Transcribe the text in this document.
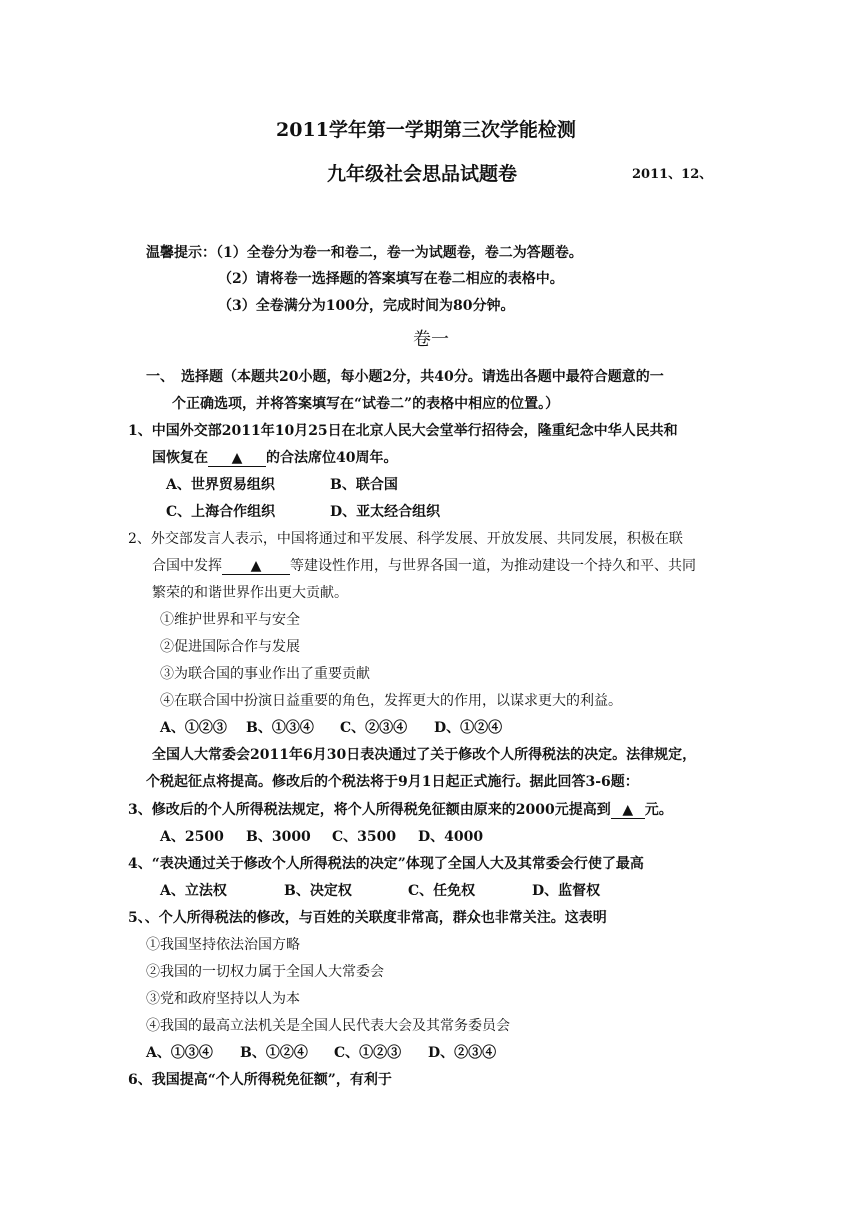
2011学年第一学期第三次学能检测
九年级社会思品试题卷	2011、12、
温馨提示：（1）全卷分为卷一和卷二，卷一为试题卷，卷二为答题卷。
（2）请将卷一选择题的答案填写在卷二相应的表格中。
（3）全卷满分为100分，完成时间为80分钟。
卷一
一、　选择题（本题共20小题，每小题2分，共40分。请选出各题中最符合题意的一
个正确选项，并将答案填写在“试卷二”的表格中相应的位置。）
1、中国外交部2011年10月25日在北京人民大会堂举行招待会，隆重纪念中华人民共和
国恢复在 ▲ 的合法席位40周年。
A、世界贸易组织	B、联合国
C、上海合作组织	D、亚太经合组织
2、外交部发言人表示，中国将通过和平发展、科学发展、开放发展、共同发展，积极在联
合国中发挥 ▲ 等建设性作用，与世界各国一道，为推动建设一个持久和平、共同
繁荣的和谐世界作出更大贡献。
①维护世界和平与安全
②促进国际合作与发展
③为联合国的事业作出了重要贡献
④在联合国中扮演日益重要的角色，发挥更大的作用，以谋求更大的利益。
A、①②③ B、①③④ C、②③④ D、①②④
全国人大常委会2011年6月30日表决通过了关于修改个人所得税法的决定。法律规定，
个税起征点将提高。修改后的个税法将于9月1日起正式施行。据此回答3-6题：
3、修改后的个人所得税法规定，将个人所得税免征额由原来的2000元提高到 ▲ 元。
A、2500 B、3000 C、3500 D、4000
4、“表决通过关于修改个人所得税法的决定”体现了全国人大及其常委会行使了最高
A、立法权	B、决定权	C、任免权	D、监督权
5、、个人所得税法的修改，与百姓的关联度非常高，群众也非常关注。这表明
①我国坚持依法治国方略
②我国的一切权力属于全国人大常委会
③党和政府坚持以人为本
④我国的最高立法机关是全国人民代表大会及其常务委员会
A、①③④ B、①②④ C、①②③ D、②③④
6、我国提高“个人所得税免征额”，有利于
